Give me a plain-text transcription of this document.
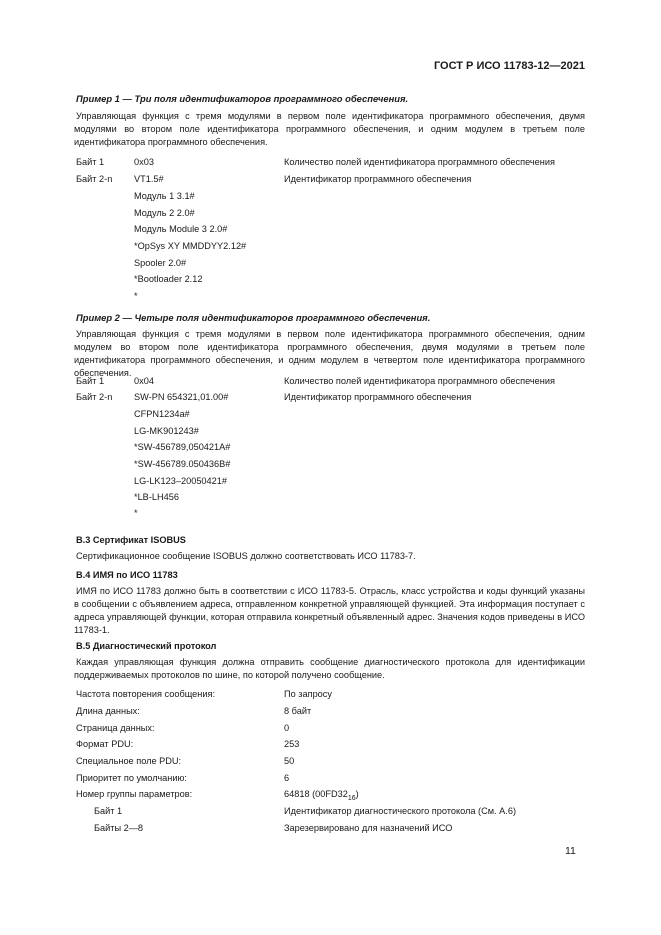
ГОСТ Р ИСО 11783-12—2021
Пример 1 — Три поля идентификаторов программного обеспечения.

Управляющая функция с тремя модулями в первом поле идентификатора программного обеспечения, двумя модулями во втором поле идентификатора программного обеспечения, и одним модулем в третьем поле идентификатора программного обеспечения.

Байт 1	0x03	Количество полей идентификатора программного обеспечения
Байт 2-n VT1.5#	Идентификатор программного обеспечения
Модуль 1 3.1#
Модуль 2 2.0#
Модуль Module 3 2.0#
*OpSys XY MMDDYY2.12#
Spooler 2.0#
*Bootloader 2.12
*
Пример 2 — Четыре поля идентификаторов программного обеспечения.

Управляющая функция с тремя модулями в первом поле идентификатора программного обеспечения, одним модулем во втором поле идентификатора программного обеспечения, двумя модулями в третьем поле идентификатора программного обеспечения, и одним модулем в четвертом поле идентификатора программного обеспечения.

Байт 1	0x04	Количество полей идентификатора программного обеспечения
Байт 2-n SW-PN 654321,01.00#	Идентификатор программного обеспечения
CFPN1234a#
LG-MK901243#
*SW-456789,050421A#
*SW-456789.050436B#
LG-LK123–20050421#
*LB-LH456
*
В.3 Сертификат ISOBUS

Сертификационное сообщение ISOBUS должно соответствовать ИСО 11783-7.

В.4 ИМЯ по ИСО 11783

ИМЯ по ИСО 11783 должно быть в соответствии с ИСО 11783-5. Отрасль, класс устройства и коды функций указаны в сообщении с объявлением адреса, отправленном конкретной управляющей функцией. Эта информация поступает с адреса управляющей функции, которая отправила конкретный объявленный адрес. Значения кодов приведены в ИСО 11783-1.

В.5 Диагностический протокол

Каждая управляющая функция должна отправить сообщение диагностического протокола для идентификации поддерживаемых протоколов по шине, по которой получено сообщение.

Частота повторения сообщения:	По запросу
Длина данных:	8 байт
Страница данных:	0
Формат PDU:	253
Специальное поле PDU:	50
Приоритет по умолчанию:	6
Номер группы параметров:	64818 $(00FD32_{16})$
Байт 1	Идентификатор диагностического протокола (См. А.6)
Байты 2—8	Зарезервировано для назначений ИСО
11
